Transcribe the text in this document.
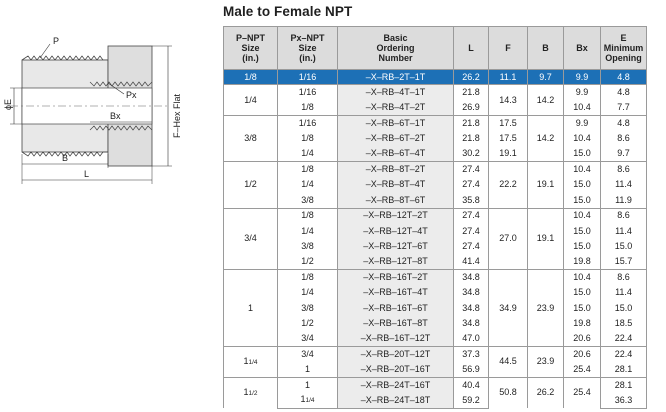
Male to Female NPT
P
Px
ϕE
Bx	F–Hex Flat
B
L
P–NPT
Size
(in.)	Px–NPT
Size
(in.)	Basic
Ordering
Number	L	F	B	Bx	E
Minimum
Opening
1/8	1/16	–X–RB–2T–1T	26.2	11.1	9.7	9.9	4.8
1/4	1/16	–X–RB–4T–1T	21.8	14.3	14.2	9.9	4.8
	1/8	–X–RB–4T–2T	26.9			10.4	7.7
3/8	1/16	–X–RB–6T–1T	21.8	17.5	14.2	9.9	4.8
	1/8	–X–RB–6T–2T	21.8	17.5		10.4	8.6
	1/4	–X–RB–6T–4T	30.2	19.1		15.0	9.7
1/2	1/8	–X–RB–8T–2T	27.4	22.2	19.1	10.4	8.6
	1/4	–X–RB–8T–4T	27.4			15.0	11.4
	3/8	–X–RB–8T–6T	35.8			15.0	11.9
3/4	1/8	–X–RB–12T–2T	27.4	27.0	19.1	10.4	8.6
	1/4	–X–RB–12T–4T	27.4			15.0	11.4
	3/8	–X–RB–12T–6T	27.4			15.0	15.0
	1/2	–X–RB–12T–8T	41.4			19.8	15.7
1	1/8	–X–RB–16T–2T	34.8	34.9	23.9	10.4	8.6
	1/4	–X–RB–16T–4T	34.8			15.0	11.4
	3/8	–X–RB–16T–6T	34.8			15.0	15.0
	1/2	–X–RB–16T–8T	34.8			19.8	18.5
	3/4	–X–RB–16T–12T	47.0			20.6	22.4
11/4	3/4	–X–RB–20T–12T	37.3	44.5	23.9	20.6	22.4
	1	–X–RB–20T–16T	56.9			25.4	28.1
11/2	1	–X–RB–24T–16T	40.4	50.8	26.2	25.4	28.1
	11/4	–X–RB–24T–18T	59.2				36.3
